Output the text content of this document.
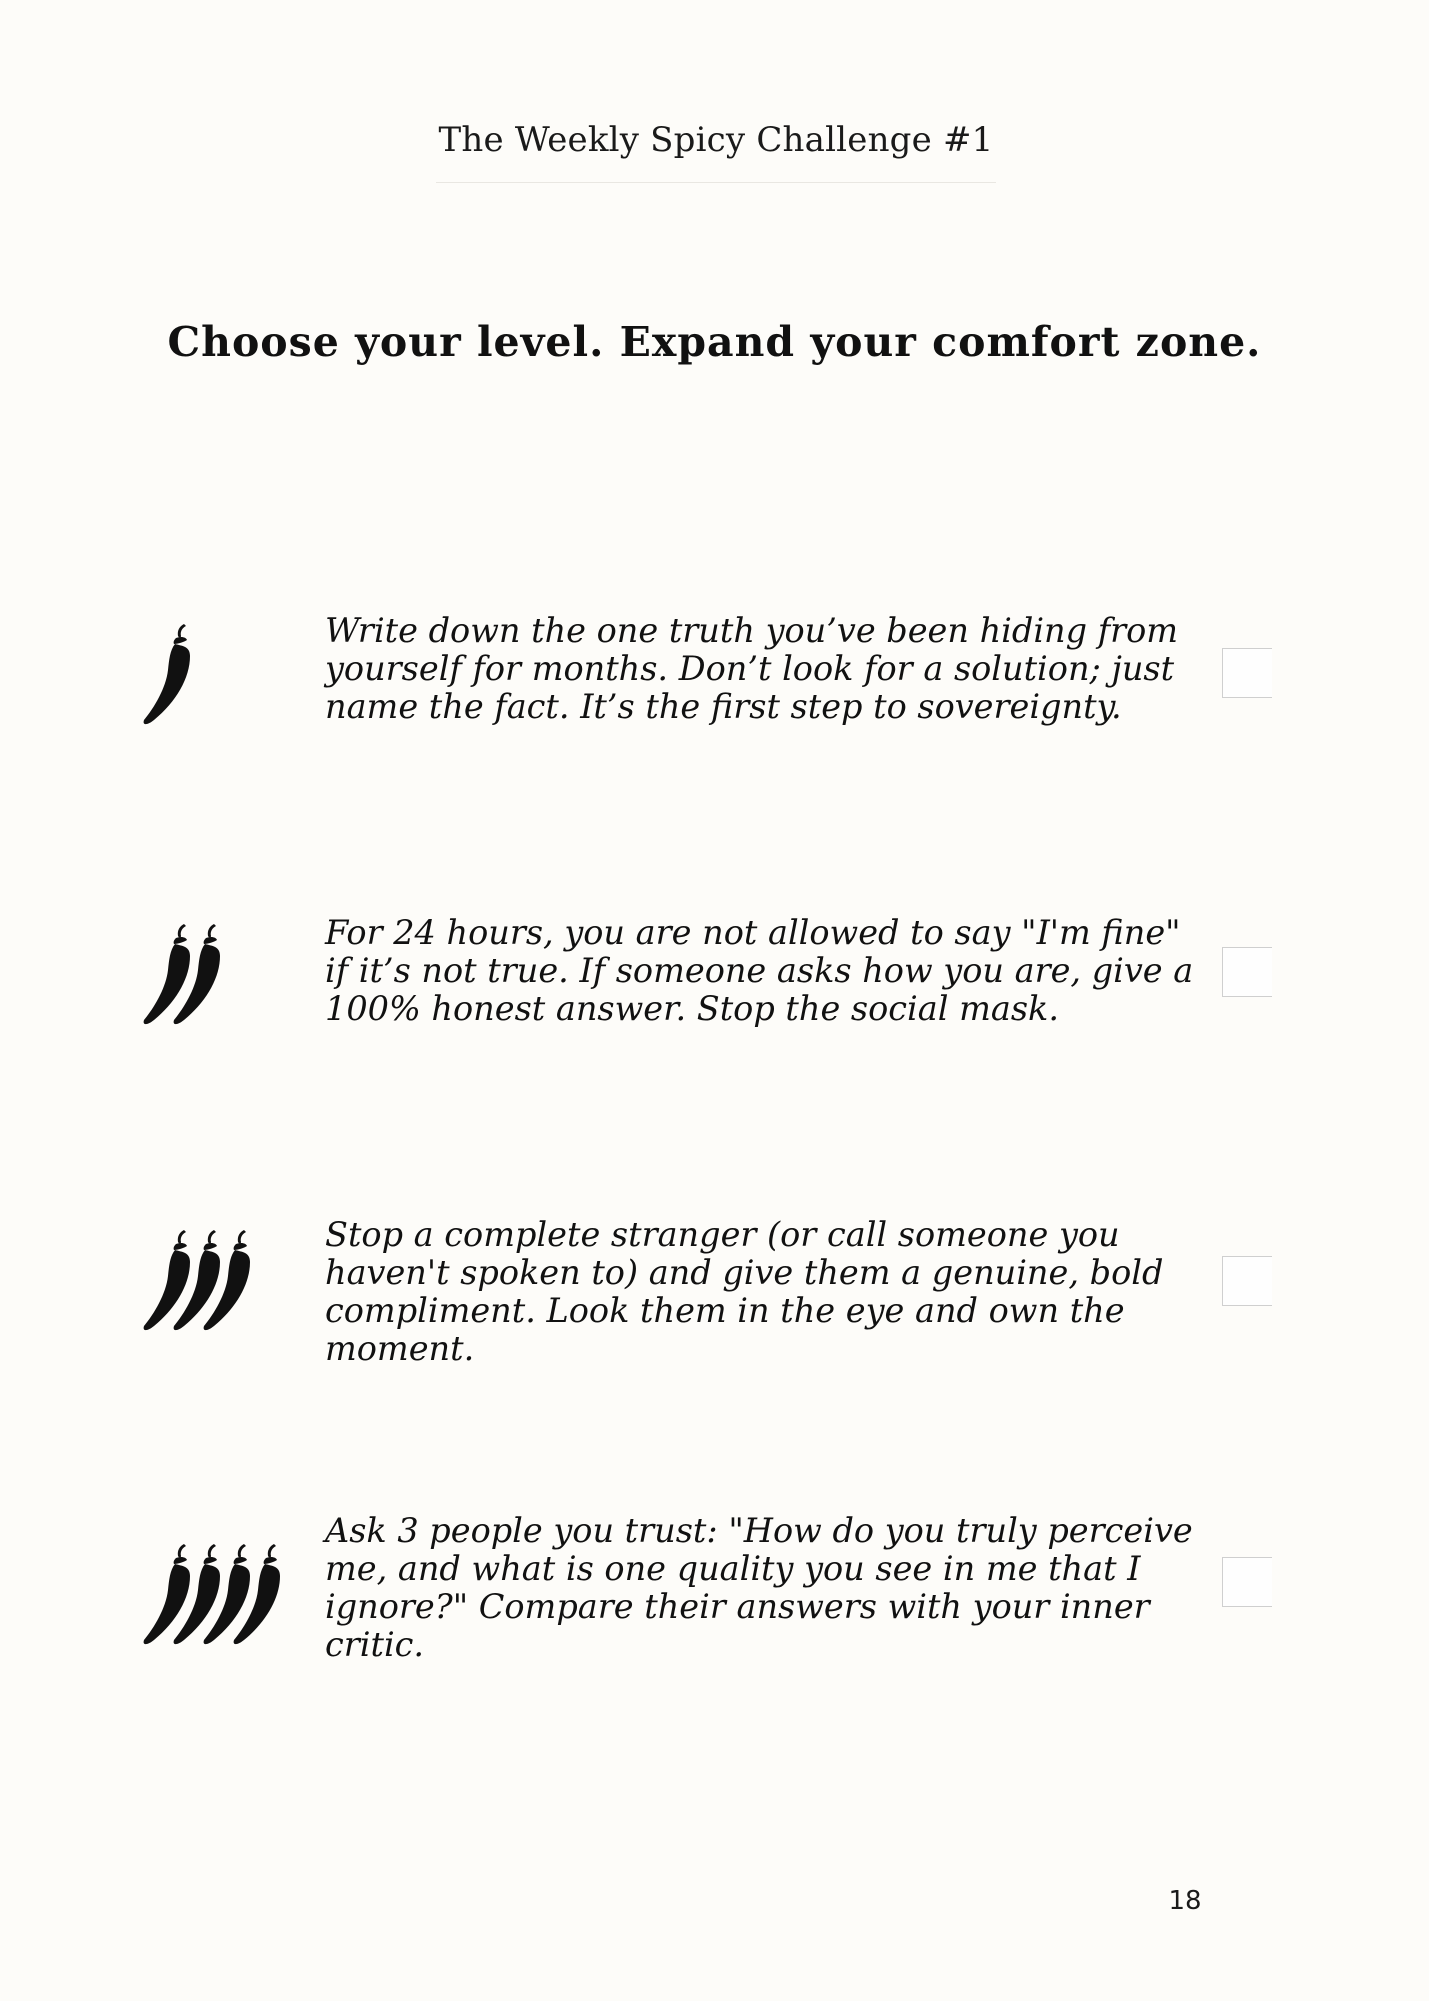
The Weekly Spicy Challenge #1
Choose your level. Expand your comfort zone.
Write down the one truth you’ve been hiding from yourself for months. Don’t look for a solution; just name the fact. It’s the first step to sovereignty.
For 24 hours, you are not allowed to say "I'm fine" if it’s not true. If someone asks how you are, give a 100% honest answer. Stop the social mask.
Stop a complete stranger (or call someone you haven't spoken to) and give them a genuine, bold compliment. Look them in the eye and own the moment.
Ask 3 people you trust: "How do you truly perceive me, and what is one quality you see in me that I ignore?" Compare their answers with your inner critic.
18
